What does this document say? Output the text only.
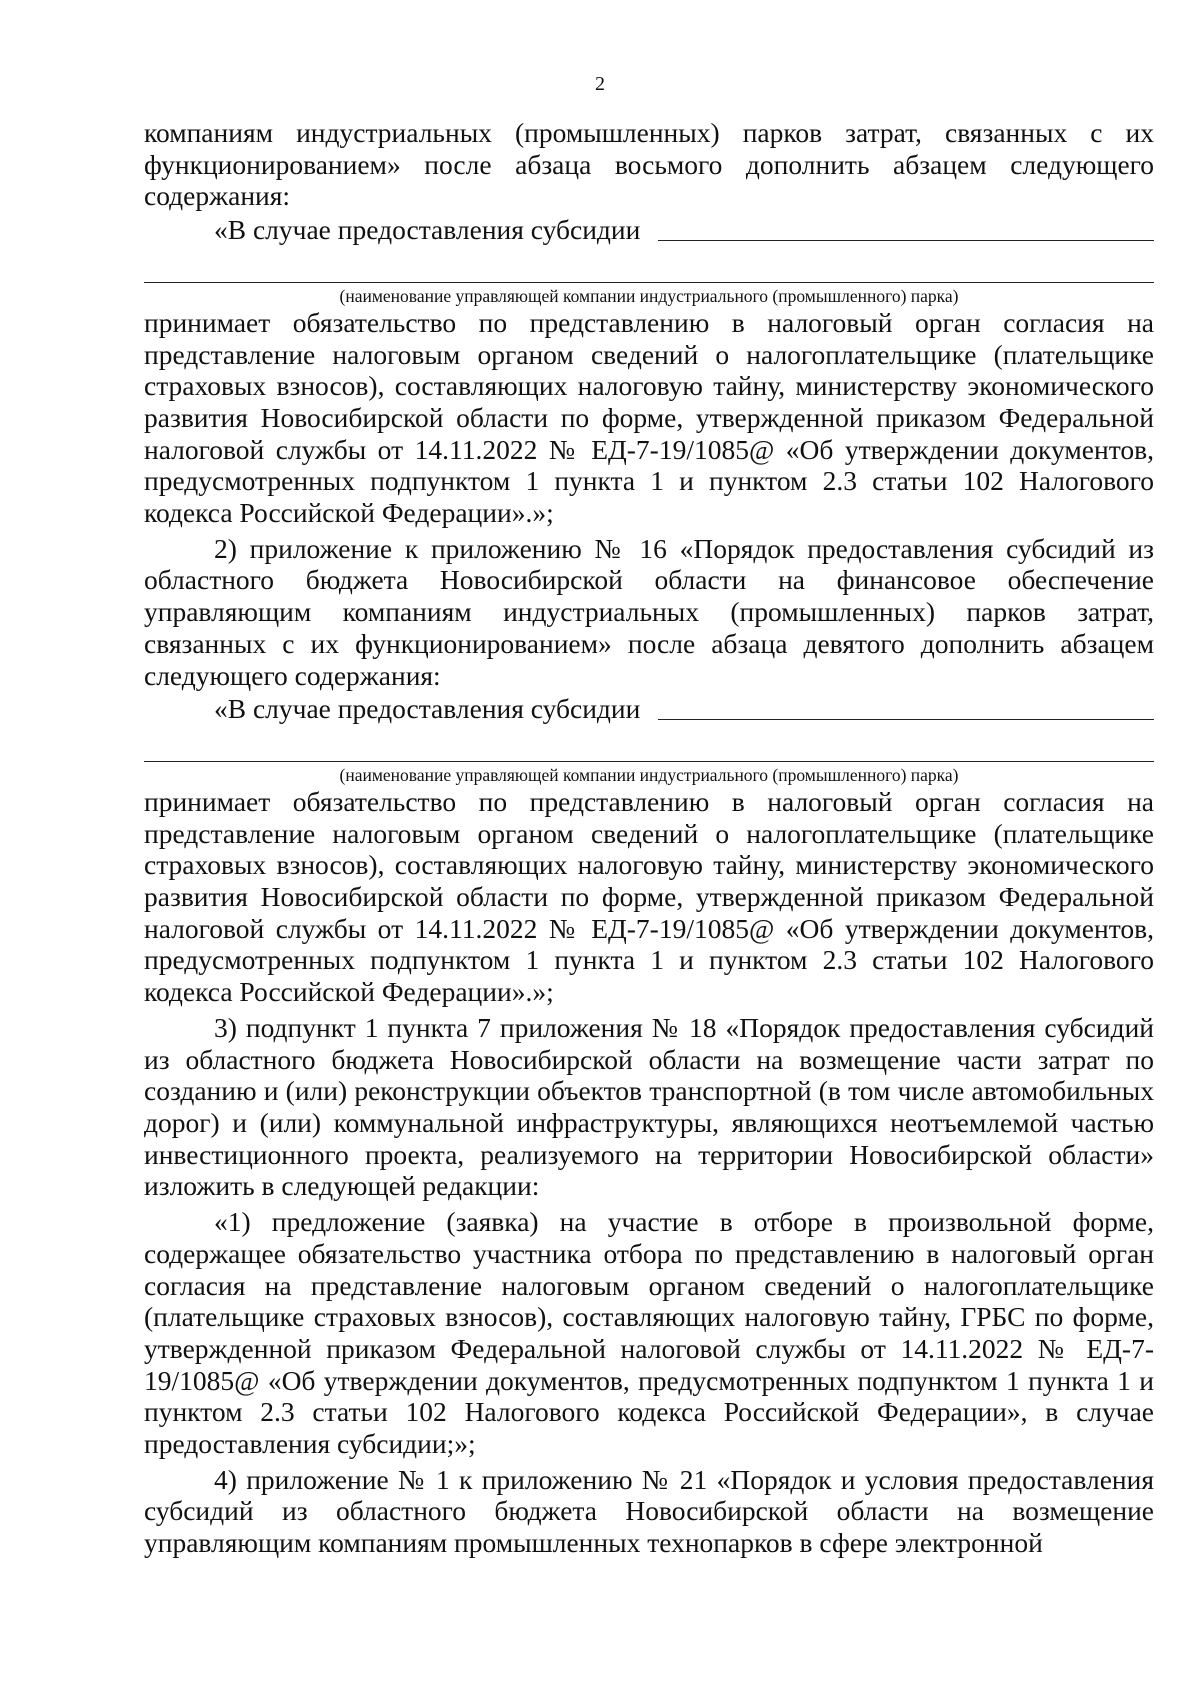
2

компаниям индустриальных (промышленных) парков затрат, связанных с их функционированием» после абзаца восьмого дополнить абзацем следующего содержания:

«В случае предоставления субсидии

(наименование управляющей компании индустриального (промышленного) парка)

принимает обязательство по представлению в налоговый орган согласия на представление налоговым органом сведений о налогоплательщике (плательщике страховых взносов), составляющих налоговую тайну, министерству экономического развития Новосибирской области по форме, утвержденной приказом Федеральной налоговой службы от 14.11.2022 № ЕД-7-19/1085@ «Об утверждении документов, предусмотренных подпунктом 1 пункта 1 и пунктом 2.3 статьи 102 Налогового кодекса Российской Федерации».»;

2) приложение к приложению № 16 «Порядок предоставления субсидий из областного бюджета Новосибирской области на финансовое обеспечение управляющим компаниям индустриальных (промышленных) парков затрат, связанных с их функционированием» после абзаца девятого дополнить абзацем следующего содержания:

«В случае предоставления субсидии

(наименование управляющей компании индустриального (промышленного) парка)

принимает обязательство по представлению в налоговый орган согласия на представление налоговым органом сведений о налогоплательщике (плательщике страховых взносов), составляющих налоговую тайну, министерству экономического развития Новосибирской области по форме, утвержденной приказом Федеральной налоговой службы от 14.11.2022 № ЕД-7-19/1085@ «Об утверждении документов, предусмотренных подпунктом 1 пункта 1 и пунктом 2.3 статьи 102 Налогового кодекса Российской Федерации».»;

3) подпункт 1 пункта 7 приложения № 18 «Порядок предоставления субсидий из областного бюджета Новосибирской области на возмещение части затрат по созданию и (или) реконструкции объектов транспортной (в том числе автомобильных дорог) и (или) коммунальной инфраструктуры, являющихся неотъемлемой частью инвестиционного проекта, реализуемого на территории Новосибирской области» изложить в следующей редакции:

«1) предложение (заявка) на участие в отборе в произвольной форме, содержащее обязательство участника отбора по представлению в налоговый орган согласия на представление налоговым органом сведений о налогоплательщике (плательщике страховых взносов), составляющих налоговую тайну, ГРБС по форме, утвержденной приказом Федеральной налоговой службы от 14.11.2022 № ЕД-7-19/1085@ «Об утверждении документов, предусмотренных подпунктом 1 пункта 1 и пунктом 2.3 статьи 102 Налогового кодекса Российской Федерации», в случае предоставления субсидии;»;

4) приложение № 1 к приложению № 21 «Порядок и условия предоставления субсидий из областного бюджета Новосибирской области на возмещение управляющим компаниям промышленных технопарков в сфере электронной
